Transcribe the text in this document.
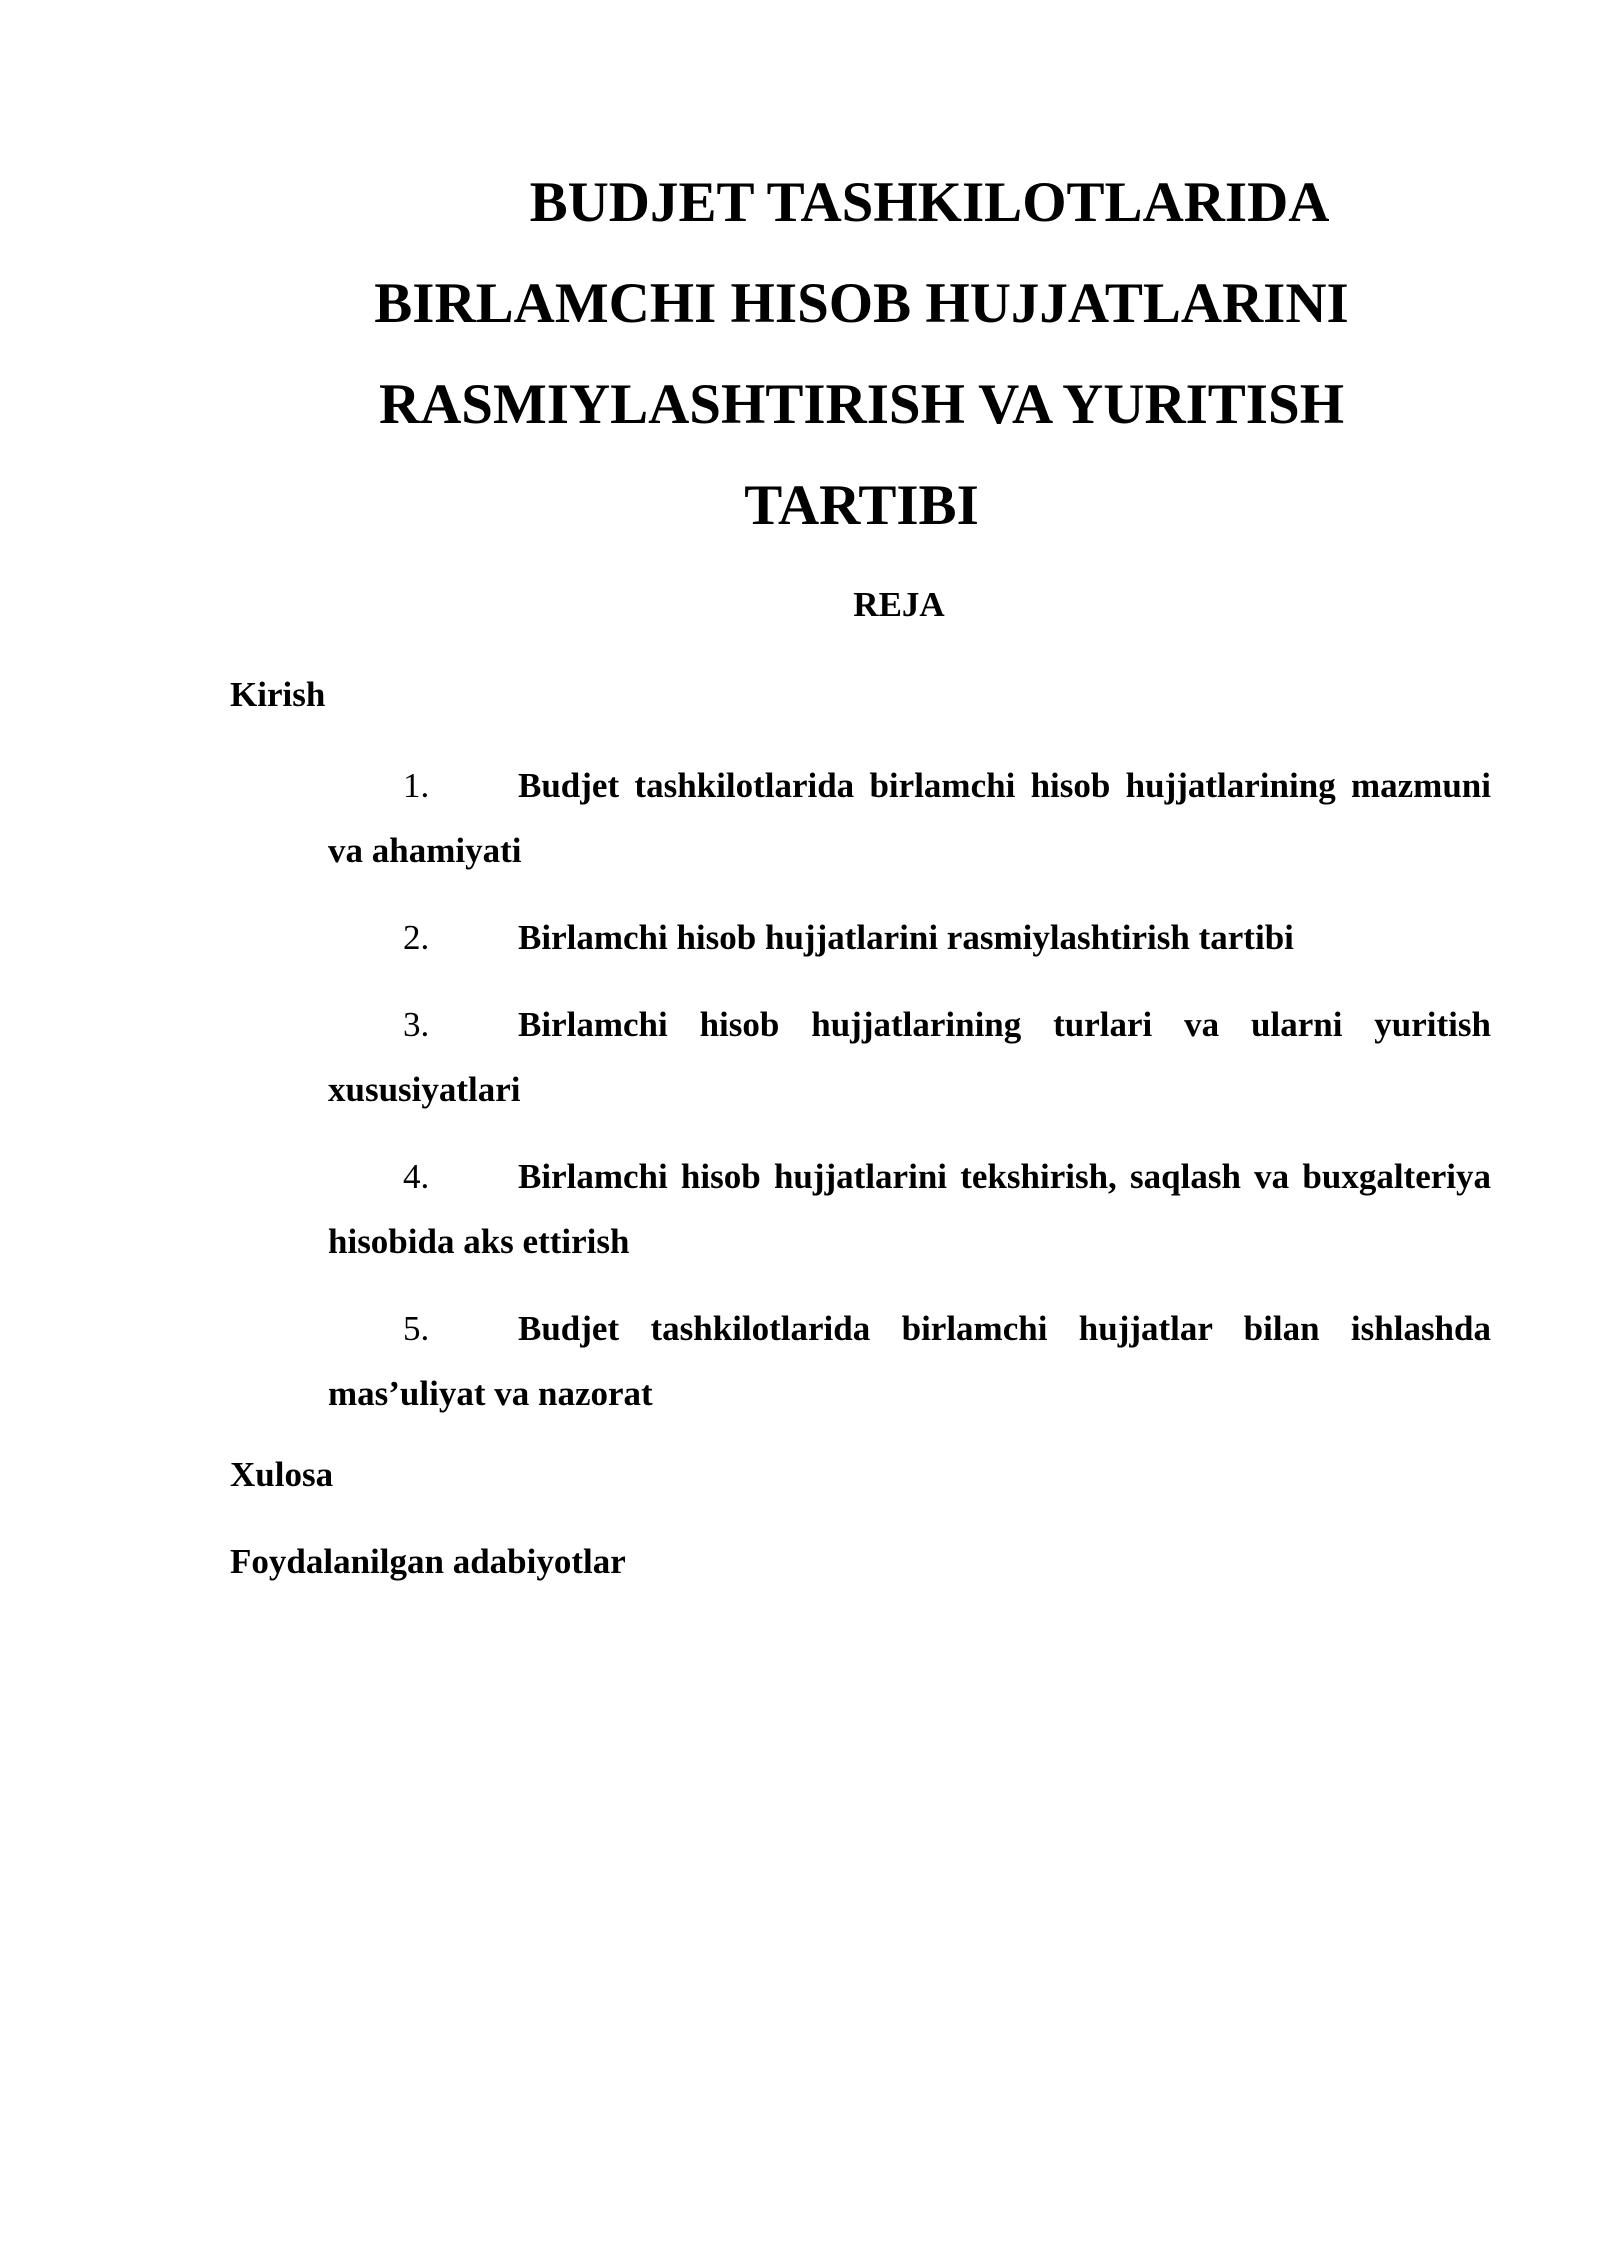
BUDJET TASHKILOTLARIDA
BIRLAMCHI HISOB HUJJATLARINI
RASMIYLASHTIRISH VA YURITISH
TARTIBI

REJA

Kirish

1.	Budjet tashkilotlarida birlamchi hisob hujjatlarining mazmuni va ahamiyati

2.	Birlamchi hisob hujjatlarini rasmiylashtirish tartibi

3.	Birlamchi hisob hujjatlarining turlari va ularni yuritish xususiyatlari

4.	Birlamchi hisob hujjatlarini tekshirish, saqlash va buxgalteriya hisobida aks ettirish

5.	Budjet tashkilotlarida birlamchi hujjatlar bilan ishlashda mas’uliyat va nazorat

Xulosa

Foydalanilgan adabiyotlar
